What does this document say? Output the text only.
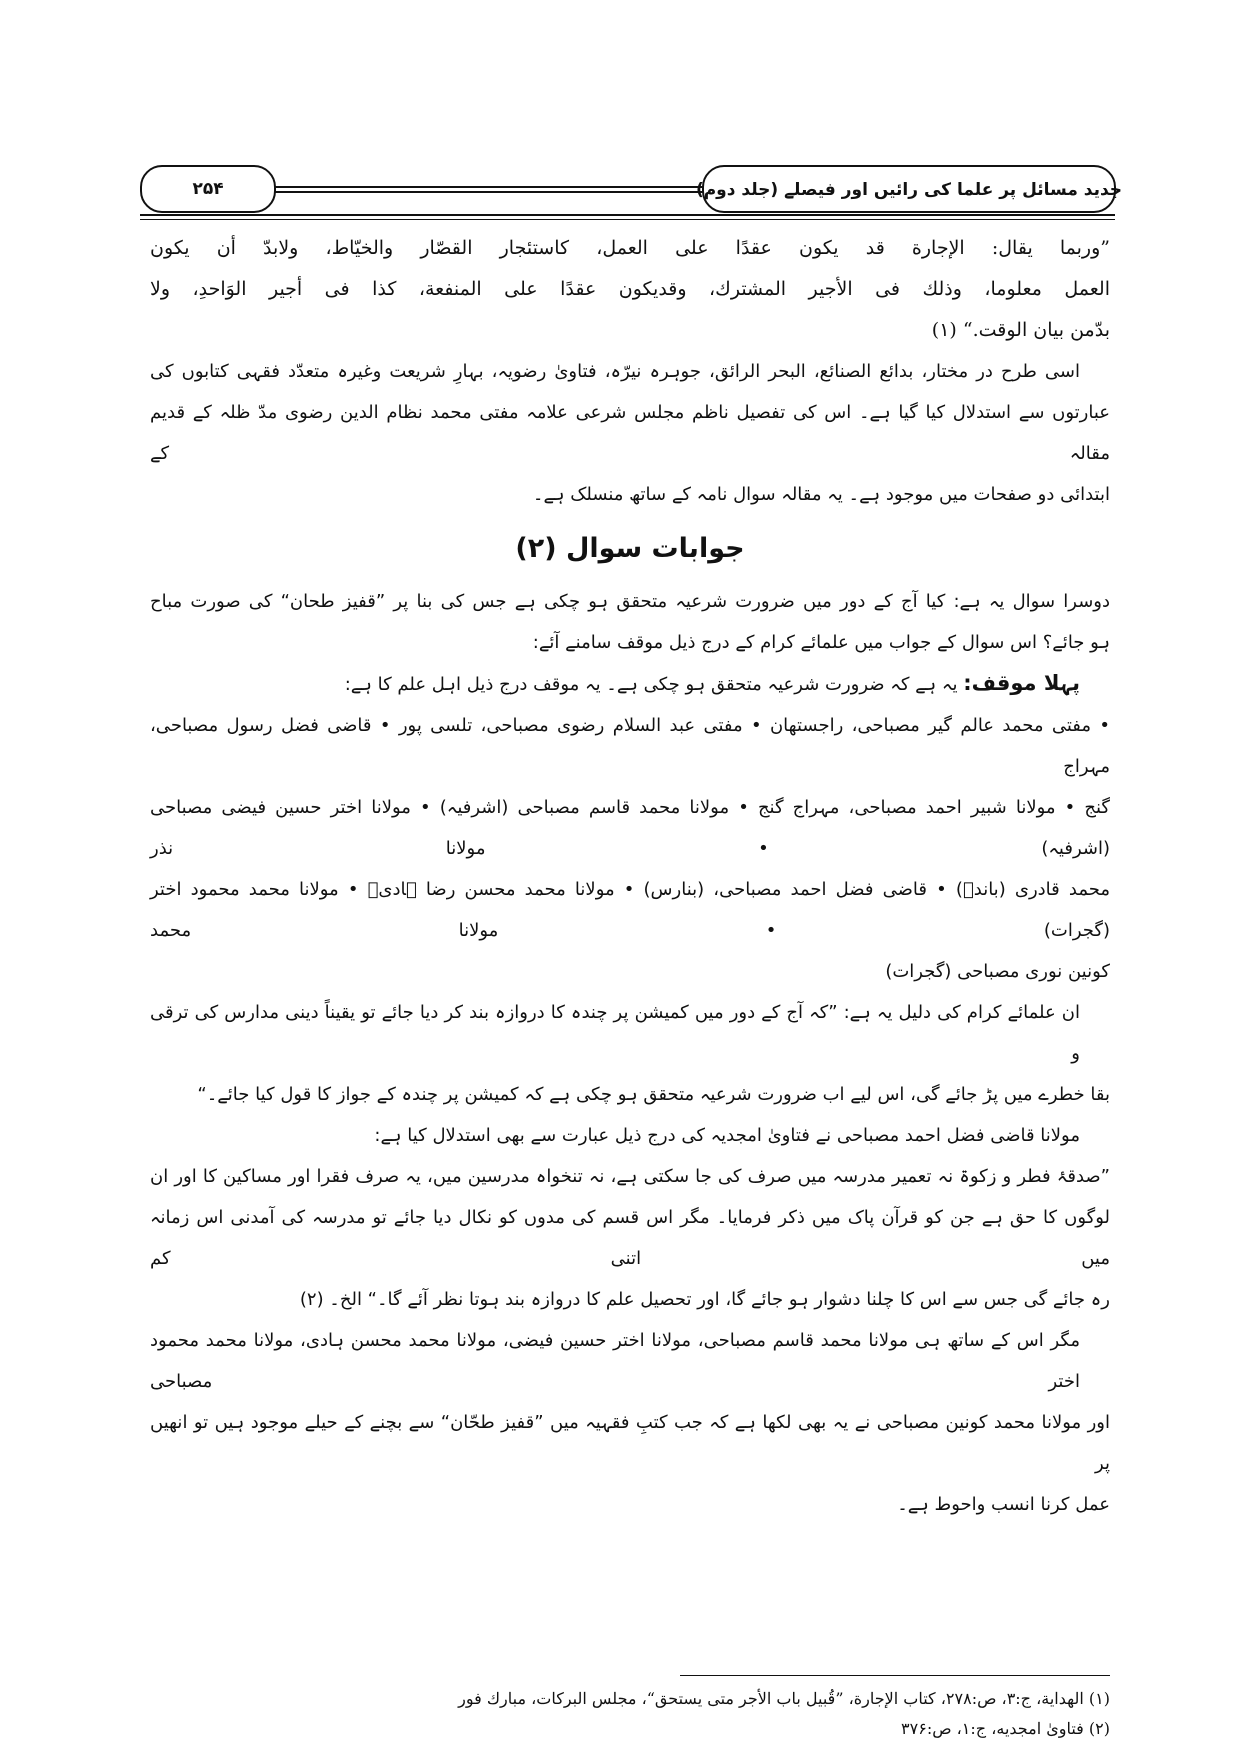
۲۵۴	جدید مسائل پر علما کی رائیں اور فیصلے (جلد دوم)
”وربما يقال: الإجارة قد يكون عقدًا على العمل، كاستئجار القصّار والخيّاط، ولابدّ أن يكون
العمل معلوما، وذلك فى الأجير المشترك، وقديكون عقدًا على المنفعة، كذا فى أجير الوَاحدِ، ولا
بدّمن بيان الوقت.“ (۱)
اسی طرح در مختار، بدائع الصنائع، البحر الرائق، جوہرہ نیرّہ، فتاویٰ رضویہ، بہارِ شریعت وغیرہ متعدّد فقہی کتابوں کی
عبارتوں سے استدلال کیا گیا ہے۔ اس کی تفصیل ناظم مجلس شرعی علامہ مفتی محمد نظام الدین رضوی مدّ ظلہ کے قدیم مقالہ کے
ابتدائی دو صفحات میں موجود ہے۔ یہ مقالہ سوال نامہ کے ساتھ منسلک ہے۔
جوابات سوال (۲)
دوسرا سوال یہ ہے: کیا آج کے دور میں ضرورت شرعیہ متحقق ہو چکی ہے جس کی بنا پر ”قفیز طحان“ کی صورت مباح
ہو جائے؟ اس سوال کے جواب میں علمائے کرام کے درج ذیل موقف سامنے آئے:
پہلا موقف: یہ ہے کہ ضرورت شرعیہ متحقق ہو چکی ہے۔ یہ موقف درج ذیل اہل علم کا ہے:
• مفتی محمد عالم گیر مصباحی، راجستھان • مفتی عبد السلام رضوی مصباحی، تلسی پور • قاضی فضل رسول مصباحی، مہراج
گنج • مولانا شبیر احمد مصباحی، مہراج گنج • مولانا محمد قاسم مصباحی (اشرفیہ) • مولانا اختر حسین فیضی مصباحی (اشرفیہ) • مولانا نذر
محمد قادری (باندہ) • قاضی فضل احمد مصباحی، (بنارس) • مولانا محمد محسن رضا ہادیؔ • مولانا محمد محمود اختر (گجرات) • مولانا محمد
کونین نوری مصباحی (گجرات)
ان علمائے کرام کی دلیل یہ ہے: ”کہ آج کے دور میں کمیشن پر چندہ کا دروازہ بند کر دیا جائے تو یقیناً دینی مدارس کی ترقی و
بقا خطرے میں پڑ جائے گی، اس لیے اب ضرورت شرعیہ متحقق ہو چکی ہے کہ کمیشن پر چندہ کے جواز کا قول کیا جائے۔“
مولانا قاضی فضل احمد مصباحی نے فتاویٰ امجدیہ کی درج ذیل عبارت سے بھی استدلال کیا ہے:
”صدقۂ فطر و زکوۃ نہ تعمیر مدرسہ میں صرف کی جا سکتی ہے، نہ تنخواہ مدرسین میں، یہ صرف فقرا اور مساکین کا اور ان
لوگوں کا حق ہے جن کو قرآن پاک میں ذکر فرمایا۔ مگر اس قسم کی مدوں کو نکال دیا جائے تو مدرسہ کی آمدنی اس زمانہ میں اتنی کم
رہ جائے گی جس سے اس کا چلنا دشوار ہو جائے گا، اور تحصیل علم کا دروازہ بند ہوتا نظر آئے گا۔“ الخ۔ (۲)
مگر اس کے ساتھ ہی مولانا محمد قاسم مصباحی، مولانا اختر حسین فیضی، مولانا محمد محسن ہادی، مولانا محمد محمود اختر مصباحی
اور مولانا محمد کونین مصباحی نے یہ بھی لکھا ہے کہ جب کتبِ فقہیہ میں ”قفیز طحّان“ سے بچنے کے حیلے موجود ہیں تو انھیں پر
عمل کرنا انسب واحوط ہے۔
(۱) الهداية، ج:۳، ص:۲۷۸، كتاب الإجارة، ”قُبيل باب الأجر متى يستحق“، مجلس البركات، مبارك فور
(۲) فتاویٰ امجدیه، ج:۱، ص:۳۷۶
